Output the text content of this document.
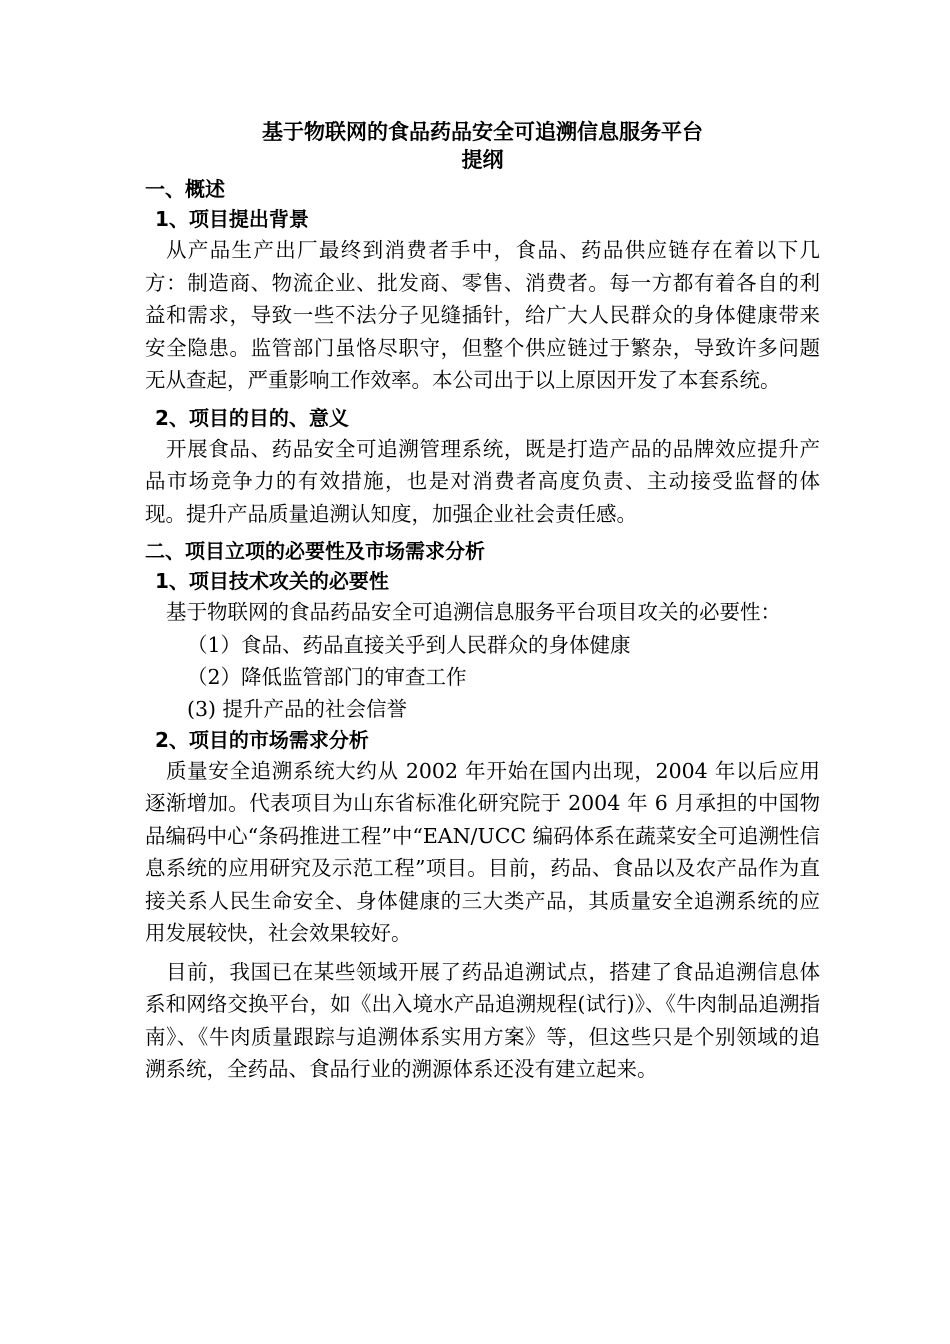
基于物联网的食品药品安全可追溯信息服务平台

提纲

一、概述

1、项目提出背景

从产品生产出厂最终到消费者手中，食品、药品供应链存在着以下几方：制造商、物流企业、批发商、零售、消费者。每一方都有着各自的利益和需求，导致一些不法分子见缝插针，给广大人民群众的身体健康带来安全隐患。监管部门虽恪尽职守，但整个供应链过于繁杂，导致许多问题无从查起，严重影响工作效率。本公司出于以上原因开发了本套系统。

2、项目的目的、意义

开展食品、药品安全可追溯管理系统，既是打造产品的品牌效应提升产品市场竞争力的有效措施，也是对消费者高度负责、主动接受监督的体现。提升产品质量追溯认知度，加强企业社会责任感。

二、项目立项的必要性及市场需求分析

1、项目技术攻关的必要性

基于物联网的食品药品安全可追溯信息服务平台项目攻关的必要性：

（1）食品、药品直接关乎到人民群众的身体健康

（2）降低监管部门的审查工作

(3) 提升产品的社会信誉

2、项目的市场需求分析

质量安全追溯系统大约从 2002 年开始在国内出现，2004 年以后应用逐渐增加。代表项目为山东省标准化研究院于 2004 年 6 月承担的中国物品编码中心“条码推进工程”中“EAN/UCC 编码体系在蔬菜安全可追溯性信息系统的应用研究及示范工程”项目。目前，药品、食品以及农产品作为直接关系人民生命安全、身体健康的三大类产品，其质量安全追溯系统的应用发展较快，社会效果较好。

目前，我国已在某些领域开展了药品追溯试点，搭建了食品追溯信息体系和网络交换平台，如《出入境水产品追溯规程(试行)》、《牛肉制品追溯指南》、《牛肉质量跟踪与追溯体系实用方案》等，但这些只是个别领域的追溯系统，全药品、食品行业的溯源体系还没有建立起来。
